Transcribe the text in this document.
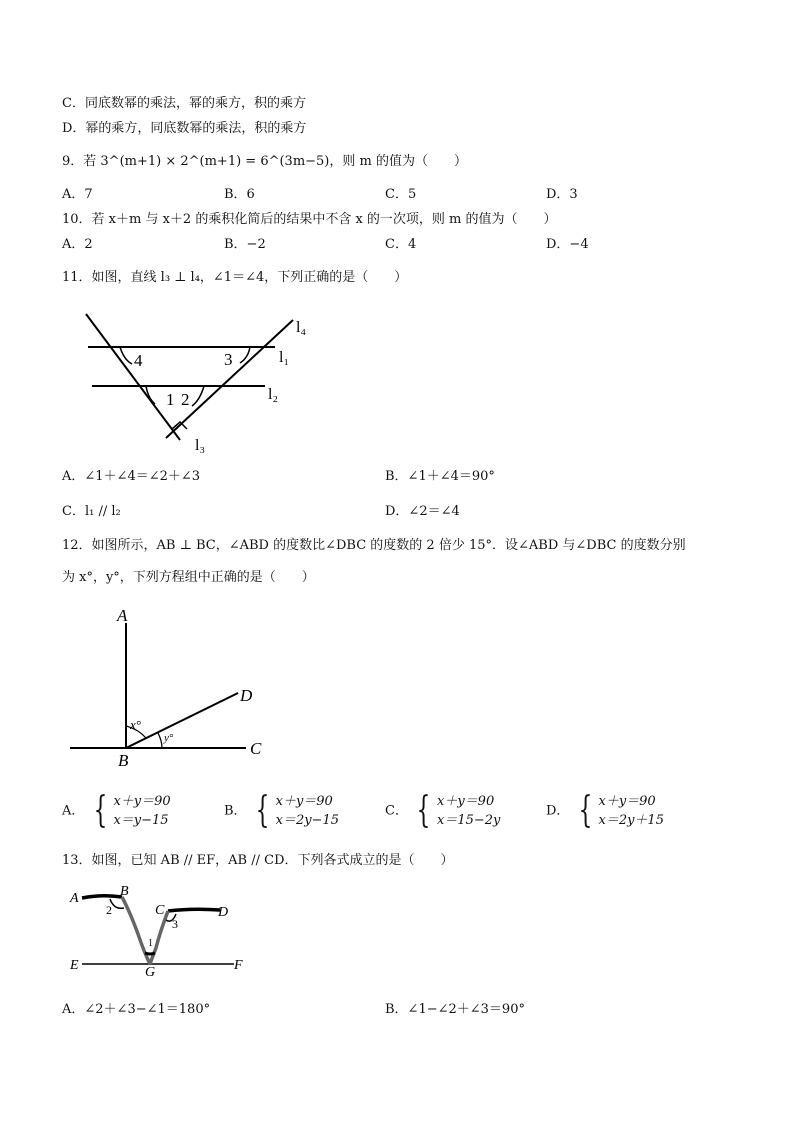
C．同底数幂的乘法，幂的乘方，积的乘方
D．幂的乘方，同底数幂的乘法，积的乘方
9．若 3^(m+1) × 2^(m+1) = 6^(3m−5)，则 m 的值为（　　）
A．7	B．6	C．5	D．3
10．若 x＋m 与 x＋2 的乘积化简后的结果中不含 x 的一次项，则 m 的值为（　　）
A．2	B．−2	C．4	D．−4
11．如图，直线 l₃ ⊥ l₄，∠1＝∠4，下列正确的是（　　）
4	3
1 2
l₄
l₁
l₂
l₃
A．∠1＋∠4＝∠2＋∠3	B．∠1＋∠4＝90°
C．l₁ // l₂	D．∠2＝∠4
12．如图所示，AB ⊥ BC，∠ABD 的度数比∠DBC 的度数的 2 倍少 15°．设∠ABD 与∠DBC 的度数分别
为 x°，y°，下列方程组中正确的是（　　）
A
D
C
B
x°
y°
A． { x＋y＝90
x＝y−15
B． { x＋y＝90
x＝2y−15
C． { x＋y＝90
x＝15−2y
D． { x＋y＝90
x＝2y＋15
13．如图，已知 AB // EF，AB // CD．下列各式成立的是（　　）
A	B
C	D
E	F
G
2
3
1
A．∠2＋∠3−∠1＝180°	B．∠1−∠2＋∠3＝90°
